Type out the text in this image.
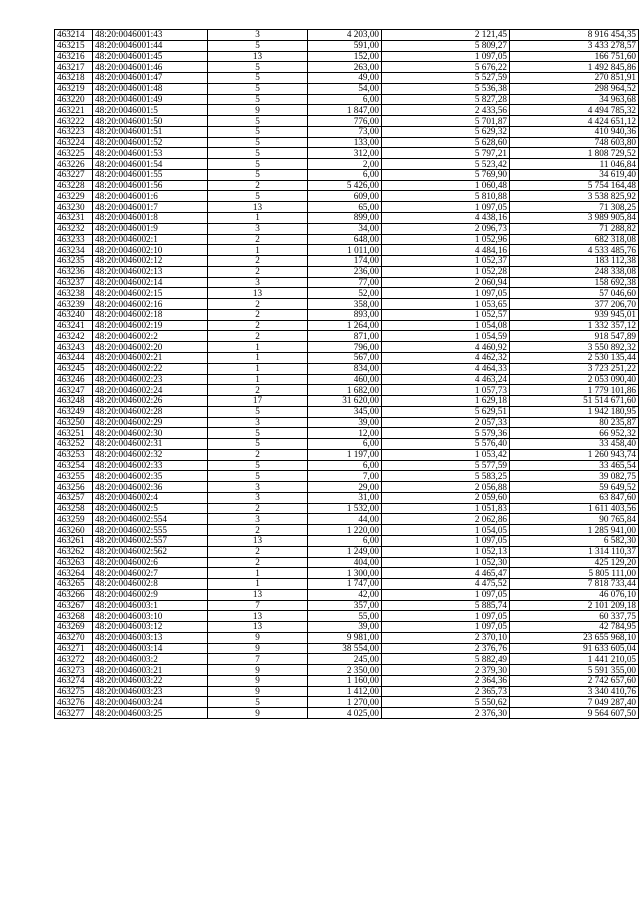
463214	48:20:0046001:43	3	4 203,00	2 121,45	8 916 454,35
463215	48:20:0046001:44	5	591,00	5 809,27	3 433 278,57
463216	48:20:0046001:45	13	152,00	1 097,05	166 751,60
463217	48:20:0046001:46	5	263,00	5 676,22	1 492 845,86
463218	48:20:0046001:47	5	49,00	5 527,59	270 851,91
463219	48:20:0046001:48	5	54,00	5 536,38	298 964,52
463220	48:20:0046001:49	5	6,00	5 827,28	34 963,68
463221	48:20:0046001:5	9	1 847,00	2 433,56	4 494 785,32
463222	48:20:0046001:50	5	776,00	5 701,87	4 424 651,12
463223	48:20:0046001:51	5	73,00	5 629,32	410 940,36
463224	48:20:0046001:52	5	133,00	5 628,60	748 603,80
463225	48:20:0046001:53	5	312,00	5 797,21	1 808 729,52
463226	48:20:0046001:54	5	2,00	5 523,42	11 046,84
463227	48:20:0046001:55	5	6,00	5 769,90	34 619,40
463228	48:20:0046001:56	2	5 426,00	1 060,48	5 754 164,48
463229	48:20:0046001:6	5	609,00	5 810,88	3 538 825,92
463230	48:20:0046001:7	13	65,00	1 097,05	71 308,25
463231	48:20:0046001:8	1	899,00	4 438,16	3 989 905,84
463232	48:20:0046001:9	3	34,00	2 096,73	71 288,82
463233	48:20:0046002:1	2	648,00	1 052,96	682 318,08
463234	48:20:0046002:10	1	1 011,00	4 484,16	4 533 485,76
463235	48:20:0046002:12	2	174,00	1 052,37	183 112,38
463236	48:20:0046002:13	2	236,00	1 052,28	248 338,08
463237	48:20:0046002:14	3	77,00	2 060,94	158 692,38
463238	48:20:0046002:15	13	52,00	1 097,05	57 046,60
463239	48:20:0046002:16	2	358,00	1 053,65	377 206,70
463240	48:20:0046002:18	2	893,00	1 052,57	939 945,01
463241	48:20:0046002:19	2	1 264,00	1 054,08	1 332 357,12
463242	48:20:0046002:2	2	871,00	1 054,59	918 547,89
463243	48:20:0046002:20	1	796,00	4 460,92	3 550 892,32
463244	48:20:0046002:21	1	567,00	4 462,32	2 530 135,44
463245	48:20:0046002:22	1	834,00	4 464,33	3 723 251,22
463246	48:20:0046002:23	1	460,00	4 463,24	2 053 090,40
463247	48:20:0046002:24	2	1 682,00	1 057,73	1 779 101,86
463248	48:20:0046002:26	17	31 620,00	1 629,18	51 514 671,60
463249	48:20:0046002:28	5	345,00	5 629,51	1 942 180,95
463250	48:20:0046002:29	3	39,00	2 057,33	80 235,87
463251	48:20:0046002:30	5	12,00	5 579,36	66 952,32
463252	48:20:0046002:31	5	6,00	5 576,40	33 458,40
463253	48:20:0046002:32	2	1 197,00	1 053,42	1 260 943,74
463254	48:20:0046002:33	5	6,00	5 577,59	33 465,54
463255	48:20:0046002:35	5	7,00	5 583,25	39 082,75
463256	48:20:0046002:36	3	29,00	2 056,88	59 649,52
463257	48:20:0046002:4	3	31,00	2 059,60	63 847,60
463258	48:20:0046002:5	2	1 532,00	1 051,83	1 611 403,56
463259	48:20:0046002:554	3	44,00	2 062,86	90 765,84
463260	48:20:0046002:555	2	1 220,00	1 054,05	1 285 941,00
463261	48:20:0046002:557	13	6,00	1 097,05	6 582,30
463262	48:20:0046002:562	2	1 249,00	1 052,13	1 314 110,37
463263	48:20:0046002:6	2	404,00	1 052,30	425 129,20
463264	48:20:0046002:7	1	1 300,00	4 465,47	5 805 111,00
463265	48:20:0046002:8	1	1 747,00	4 475,52	7 818 733,44
463266	48:20:0046002:9	13	42,00	1 097,05	46 076,10
463267	48:20:0046003:1	7	357,00	5 885,74	2 101 209,18
463268	48:20:0046003:10	13	55,00	1 097,05	60 337,75
463269	48:20:0046003:12	13	39,00	1 097,05	42 784,95
463270	48:20:0046003:13	9	9 981,00	2 370,10	23 655 968,10
463271	48:20:0046003:14	9	38 554,00	2 376,76	91 633 605,04
463272	48:20:0046003:2	7	245,00	5 882,49	1 441 210,05
463273	48:20:0046003:21	9	2 350,00	2 379,30	5 591 355,00
463274	48:20:0046003:22	9	1 160,00	2 364,36	2 742 657,60
463275	48:20:0046003:23	9	1 412,00	2 365,73	3 340 410,76
463276	48:20:0046003:24	5	1 270,00	5 550,62	7 049 287,40
463277	48:20:0046003:25	9	4 025,00	2 376,30	9 564 607,50
